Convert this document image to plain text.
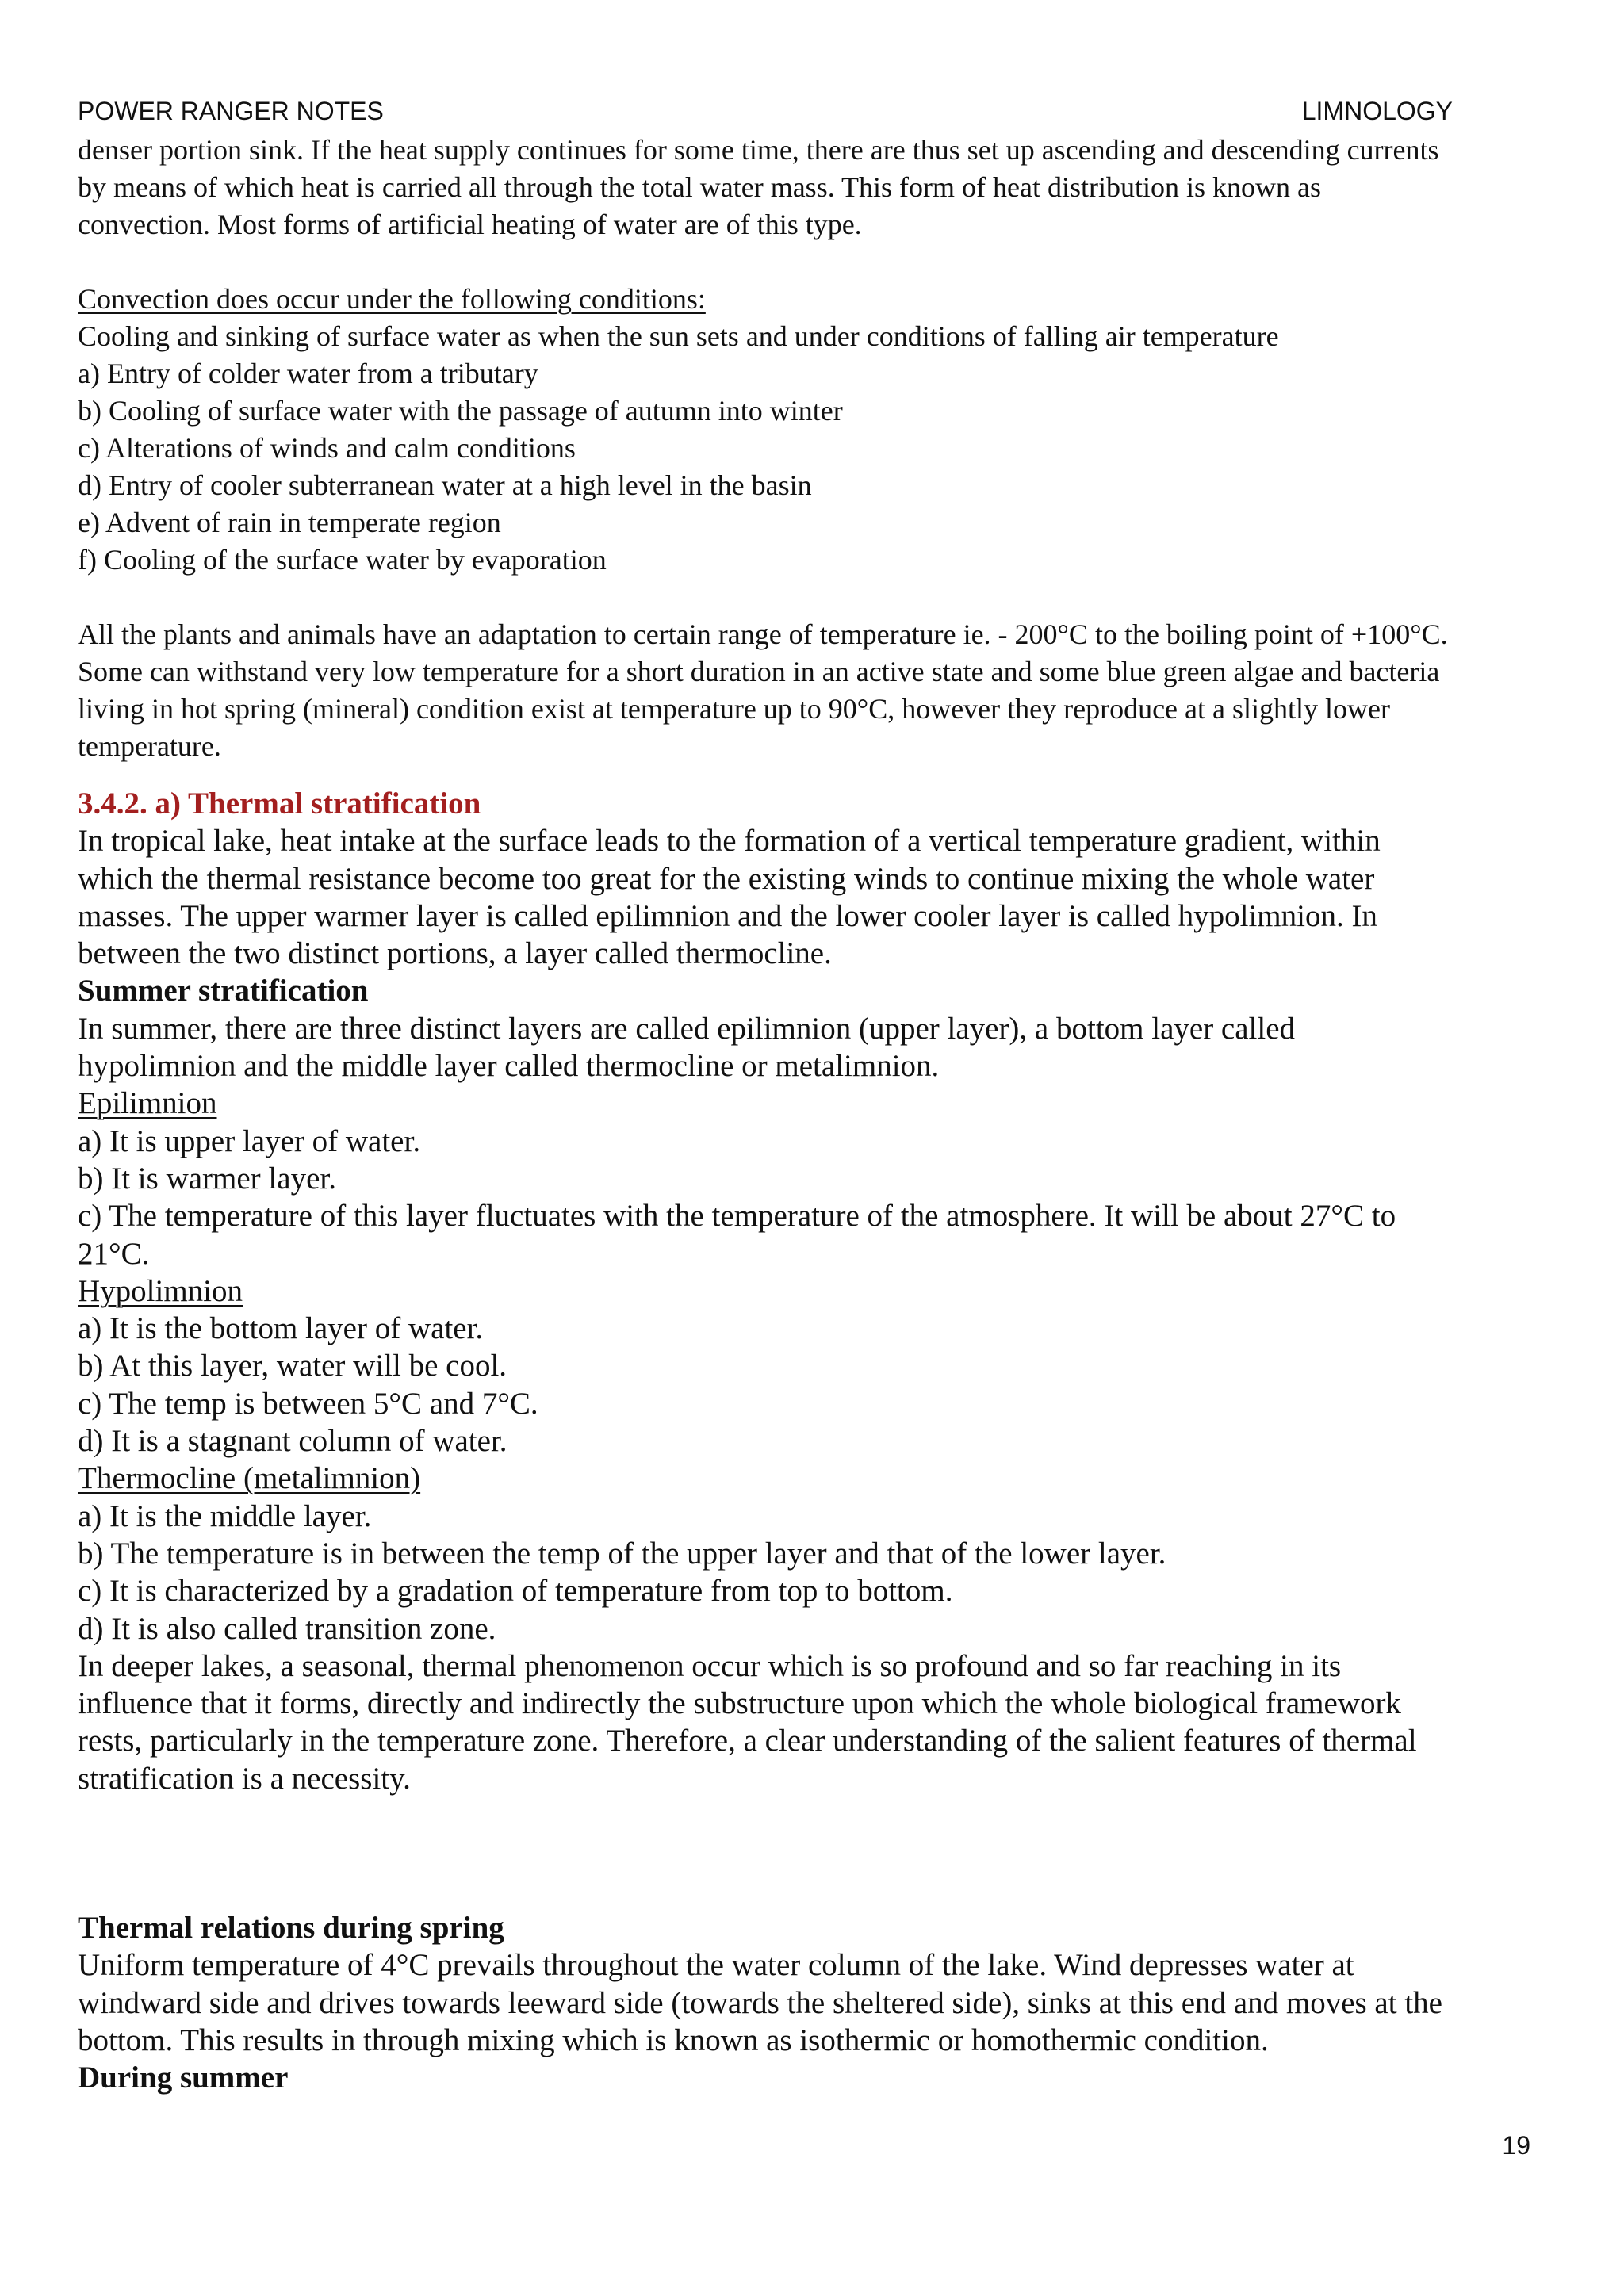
POWER RANGER NOTES	LIMNOLOGY
denser portion sink. If the heat supply continues for some time, there are thus set up ascending and descending currents
by means of which heat is carried all through the total water mass. This form of heat distribution is known as
convection. Most forms of artificial heating of water are of this type.
Convection does occur under the following conditions:
Cooling and sinking of surface water as when the sun sets and under conditions of falling air temperature
a) Entry of colder water from a tributary
b) Cooling of surface water with the passage of autumn into winter
c) Alterations of winds and calm conditions
d) Entry of cooler subterranean water at a high level in the basin
e) Advent of rain in temperate region
f) Cooling of the surface water by evaporation
All the plants and animals have an adaptation to certain range of temperature ie. - 200°C to the boiling point of +100°C.
Some can withstand very low temperature for a short duration in an active state and some blue green algae and bacteria
living in hot spring (mineral) condition exist at temperature up to 90°C, however they reproduce at a slightly lower
temperature.
3.4.2. a) Thermal stratification
In tropical lake, heat intake at the surface leads to the formation of a vertical temperature gradient, within
which the thermal resistance become too great for the existing winds to continue mixing the whole water
masses. The upper warmer layer is called epilimnion and the lower cooler layer is called hypolimnion. In
between the two distinct portions, a layer called thermocline.
Summer stratification
In summer, there are three distinct layers are called epilimnion (upper layer), a bottom layer called
hypolimnion and the middle layer called thermocline or metalimnion.
Epilimnion
a) It is upper layer of water.
b) It is warmer layer.
c) The temperature of this layer fluctuates with the temperature of the atmosphere. It will be about 27°C to
21°C.
Hypolimnion
a) It is the bottom layer of water.
b) At this layer, water will be cool.
c) The temp is between 5°C and 7°C.
d) It is a stagnant column of water.
Thermocline (metalimnion)
a) It is the middle layer.
b) The temperature is in between the temp of the upper layer and that of the lower layer.
c) It is characterized by a gradation of temperature from top to bottom.
d) It is also called transition zone.
In deeper lakes, a seasonal, thermal phenomenon occur which is so profound and so far reaching in its
influence that it forms, directly and indirectly the substructure upon which the whole biological framework
rests, particularly in the temperature zone. Therefore, a clear understanding of the salient features of thermal
stratification is a necessity.
Thermal relations during spring
Uniform temperature of 4°C prevails throughout the water column of the lake. Wind depresses water at
windward side and drives towards leeward side (towards the sheltered side), sinks at this end and moves at the
bottom. This results in through mixing which is known as isothermic or homothermic condition.
During summer
19
